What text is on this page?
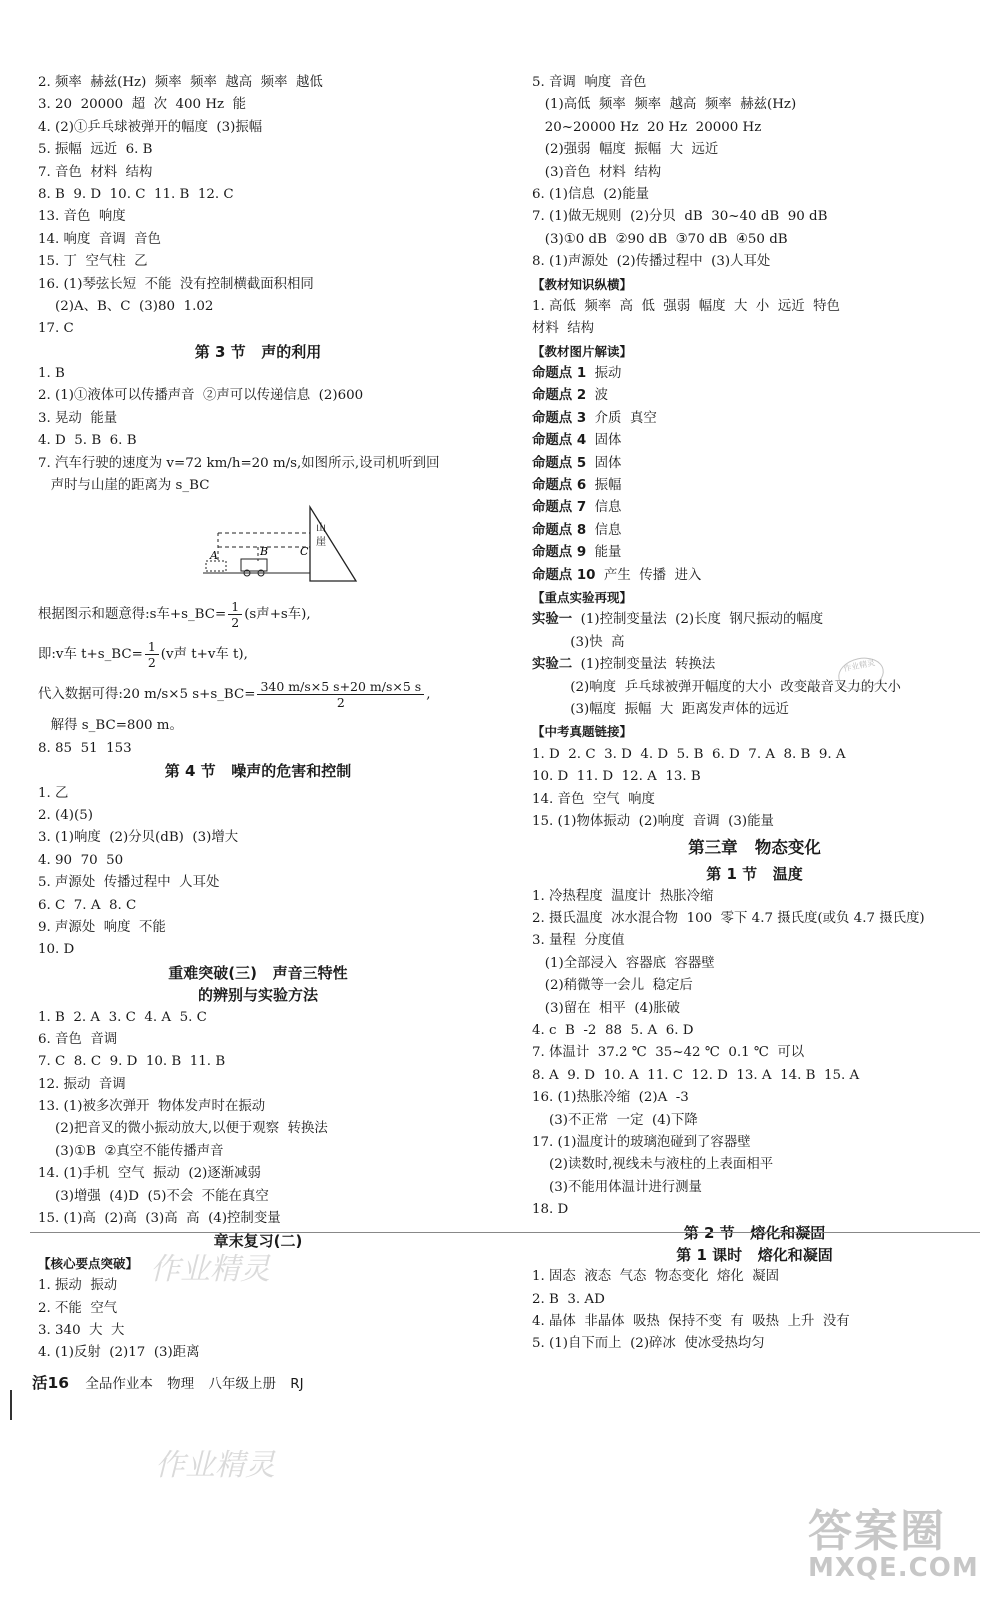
2. 频率  赫兹(Hz)  频率  频率  越高  频率  越低
3. 20  20000  超  次  400 Hz  能
4. (2)①乒乓球被弹开的幅度  (3)振幅
5. 振幅  远近  6. B
7. 音色  材料  结构
8. B  9. D  10. C  11. B  12. C
13. 音色  响度
14. 响度  音调  音色
15. 丁  空气柱  乙
16. (1)琴弦长短  不能  没有控制横截面积相同
(2)A、B、C  (3)80  1.02
17. C
第 3 节   声的利用
1. B
2. (1)①液体可以传播声音  ②声可以传递信息  (2)600
3. 晃动  能量
4. D  5. B  6. B
7. 汽车行驶的速度为 v=72 km/h=20 m/s,如图所示,设司机听到回
声时与山崖的距离为 s_BC
A	B	C
山
崖
根据图示和题意得:s车+s_BC= $\frac{1}{2} (s$声+s车),
即:v车 t+s_BC= $\frac{1}{2} (v$声 t+v车 t),
代入数据可得:20 m/s×5 s+s_BC= $\frac{340 m/s\times 5 s+20 m/s\times 5 s}{2}$ ,
解得 s_BC=800 m。
8. 85  51  153
第 4 节   噪声的危害和控制
1. 乙
2. (4)(5)
3. (1)响度  (2)分贝(dB)  (3)增大
4. 90  70  50
5. 声源处  传播过程中  人耳处
6. C  7. A  8. C
9. 声源处  响度  不能
10. D
重难突破(三)   声音三特性
的辨别与实验方法
1. B  2. A  3. C  4. A  5. C
6. 音色  音调
7. C  8. C  9. D  10. B  11. B
12. 振动  音调
13. (1)被多次弹开  物体发声时在振动
(2)把音叉的微小振动放大,以便于观察  转换法
(3)①B  ②真空不能传播声音
14. (1)手机  空气  振动  (2)逐渐减弱
(3)增强  (4)D  (5)不会  不能在真空
15. (1)高  (2)高  (3)高  高  (4)控制变量
章末复习(二)
【核心要点突破】
1. 振动  振动
2. 不能  空气
3. 340  大  大
4. (1)反射  (2)17  (3)距离
5. 音调  响度  音色
(1)高低  频率  频率  越高  频率  赫兹(Hz)
20~20000 Hz  20 Hz  20000 Hz
(2)强弱  幅度  振幅  大  远近
(3)音色  材料  结构
6. (1)信息  (2)能量
7. (1)做无规则  (2)分贝  dB  30~40 dB  90 dB
(3)①0 dB  ②90 dB  ③70 dB  ④50 dB
8. (1)声源处  (2)传播过程中  (3)人耳处
【教材知识纵横】
1. 高低  频率  高  低  强弱  幅度  大  小  远近  特色
材料  结构
【教材图片解读】
命题点 1  振动
命题点 2  波
命题点 3  介质  真空
命题点 4  固体
命题点 5  固体
命题点 6  振幅
命题点 7  信息
命题点 8  信息
命题点 9  能量
命题点 10  产生  传播  进入
【重点实验再现】
实验一  (1)控制变量法  (2)长度  钢尺振动的幅度
(3)快  高
实验二  (1)控制变量法  转换法
(2)响度  乒乓球被弹开幅度的大小  改变敲音叉力的大小
(3)幅度  振幅  大  距离发声体的远近
【中考真题链接】
1. D  2. C  3. D  4. D  5. B  6. D  7. A  8. B  9. A
10. D  11. D  12. A  13. B
14. 音色  空气  响度
15. (1)物体振动  (2)响度  音调  (3)能量
第三章   物态变化
第 1 节   温度
1. 冷热程度  温度计  热胀冷缩
2. 摄氏温度  冰水混合物  100  零下 4.7 摄氏度(或负 4.7 摄氏度)
3. 量程  分度值
(1)全部浸入  容器底  容器壁
(2)稍微等一会儿  稳定后
(3)留在  相平  (4)胀破
4. c  B  -2  88  5. A  6. D
7. 体温计  37.2 ℃  35~42 ℃  0.1 ℃  可以
8. A  9. D  10. A  11. C  12. D  13. A  14. B  15. A
16. (1)热胀冷缩  (2)A  -3
(3)不正常  一定  (4)下降
17. (1)温度计的玻璃泡碰到了容器壁
(2)读数时,视线未与液柱的上表面相平
(3)不能用体温计进行测量
18. D
第 2 节   熔化和凝固
第 1 课时   熔化和凝固
1. 固态  液态  气态  物态变化  熔化  凝固
2. B  3. AD
4. 晶体  非晶体  吸热  保持不变  有  吸热  上升  没有
5. (1)自下而上  (2)碎冰  使冰受热均匀
活16 全品作业本 物理 八年级上册 RJ
作业精灵
作业精灵
作业精灵
答案圈
MXQE.COM
